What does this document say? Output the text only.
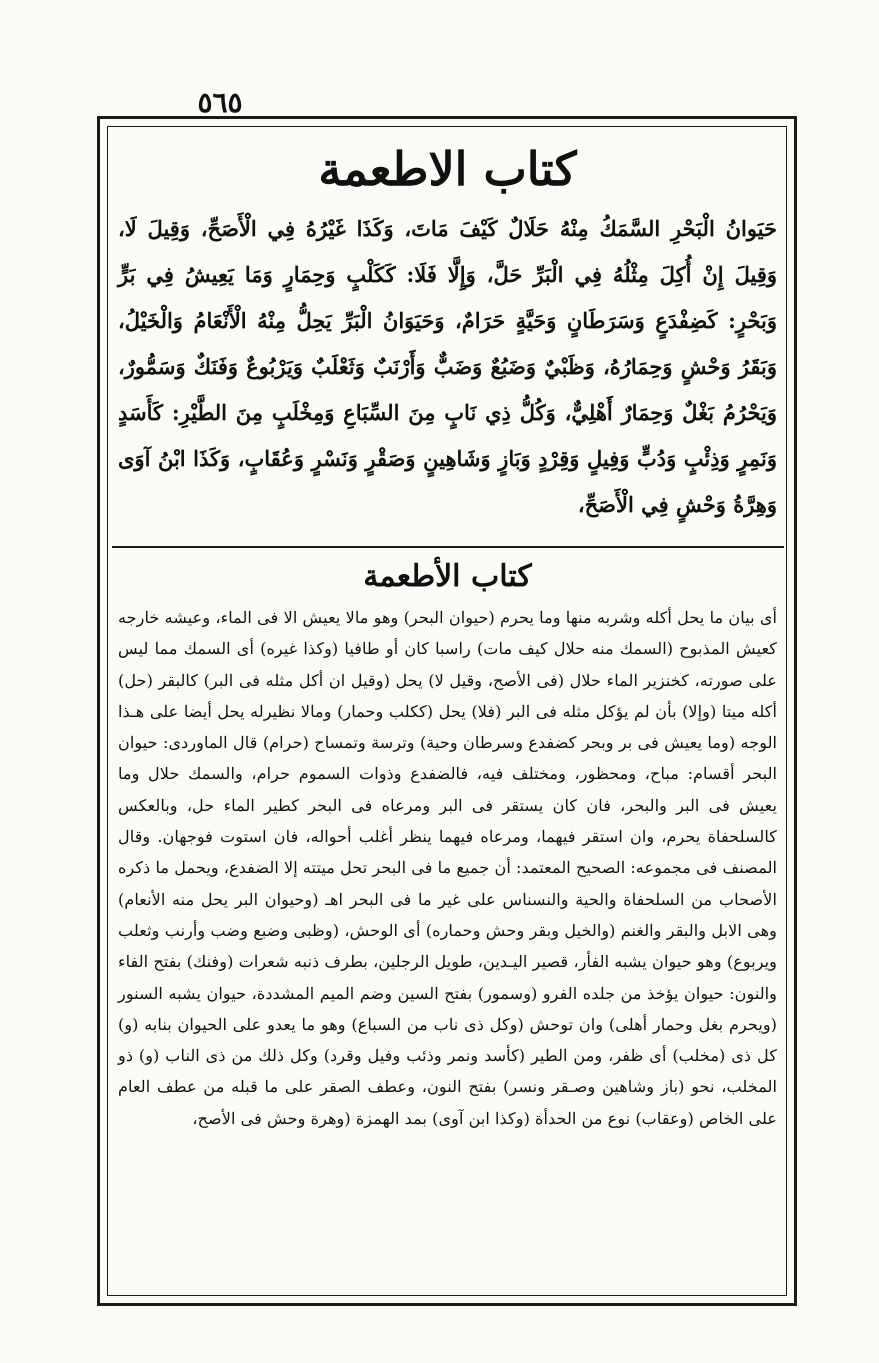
٥٦٥
كتاب الاطعمة

حَيَوانُ الْبَحْرِ السَّمَكُ مِنْهُ حَلَالٌ كَيْفَ مَاتَ، وَكَذَا غَيْرُهُ فِي الْأَصَحِّ، وَقِيلَ لَا، وَقِيلَ إِنْ أُكِلَ مِثْلُهُ فِي الْبَرِّ حَلَّ، وَإِلَّا فَلَا: كَكَلْبٍ وَحِمَارٍ وَمَا يَعِيشُ فِي بَرٍّ وَبَحْرٍ: كَضِفْدَعٍ وَسَرَطَانٍ وَحَيَّةٍ حَرَامٌ، وَحَيَوَانُ الْبَرِّ يَحِلُّ مِنْهُ الْأَنْعَامُ وَالْخَيْلُ، وَبَقَرُ وَحْشٍ وَحِمَارُهُ، وَظَبْيٌ وَضَبُعٌ وَضَبٌّ وَأَرْنَبٌ وَثَعْلَبٌ وَيَرْبُوعٌ وَفَنَكٌ وَسَمُّورٌ، وَيَحْرُمُ بَغْلٌ وَحِمَارٌ أَهْلِيٌّ، وَكُلُّ ذِي نَابٍ مِنَ السِّبَاعِ وَمِخْلَبٍ مِنَ الطَّيْرِ: كَأَسَدٍ وَنَمِرٍ وَذِئْبٍ وَدُبٍّ وَفِيلٍ وَقِرْدٍ وَبَازٍ وَشَاهِينٍ وَصَقْرٍ وَنَسْرٍ وَعُقَابٍ، وَكَذَا ابْنُ آوَى وَهِرَّةُ وَحْشٍ فِي الْأَصَحِّ،

كتاب الأطعمة

أى بيان ما يحل أكله وشربه منها وما يحرم (حيوان البحر) وهو مالا يعيش الا فى الماء، وعيشه خارجه كعيش المذبوح (السمك منه حلال كيف مات) راسبا كان أو طافيا (وكذا غيره) أى السمك مما ليس على صورته، كخنزير الماء حلال (فى الأصح، وقيل لا) يحل (وقيل ان أكل مثله فى البر) كالبقر (حل) أكله ميتا (وإلا) بأن لم يؤكل مثله فى البر (فلا) يحل (ككلب وحمار) ومالا نظيرله يحل أيضا على هـذا الوجه (وما يعيش فى بر وبحر كضفدع وسرطان وحية) وترسة وتمساح (حرام) قال الماوردى: حيوان البحر أقسام: مباح، ومحظور، ومختلف فيه، فالضفدع وذوات السموم حرام، والسمك حلال وما يعيش فى البر والبحر، فان كان يستقر فى البر ومرعاه فى البحر كطير الماء حل، وبالعكس كالسلحفاة يحرم، وان استقر فيهما، ومرعاه فيهما ينظر أغلب أحواله، فان استوت فوجهان. وقال المصنف فى مجموعه: الصحيح المعتمد: أن جميع ما فى البحر تحل ميتته إلا الضفدع، ويحمل ما ذكره الأصحاب من السلحفاة والحية والنسناس على غير ما فى البحر اهـ (وحيوان البر يحل منه الأنعام) وهى الابل والبقر والغنم (والخيل وبقر وحش وحماره) أى الوحش، (وظبى وضبع وضب وأرنب وثعلب ويربوع) وهو حيوان يشبه الفأر، قصير اليـدين، طويل الرجلين، بطرف ذنبه شعرات (وفنك) بفتح الفاء والنون: حيوان يؤخذ من جلده الفرو (وسمور) بفتح السين وضم الميم المشددة، حيوان يشبه السنور (ويحرم بغل وحمار أهلى) وان توحش (وكل ذى ناب من السباع) وهو ما يعدو على الحيوان بنابه (و) كل ذى (مخلب) أى ظفر، ومن الطير (كأسد ونمر وذئب وفيل وقرد) وكل ذلك من ذى الناب (و) ذو المخلب، نحو (باز وشاهين وصـقر ونسر) بفتح النون، وعطف الصقر على ما قبله من عطف العام على الخاص (وعقاب) نوع من الحدأة (وكذا ابن آوى) بمد الهمزة (وهرة وحش فى الأصح،
